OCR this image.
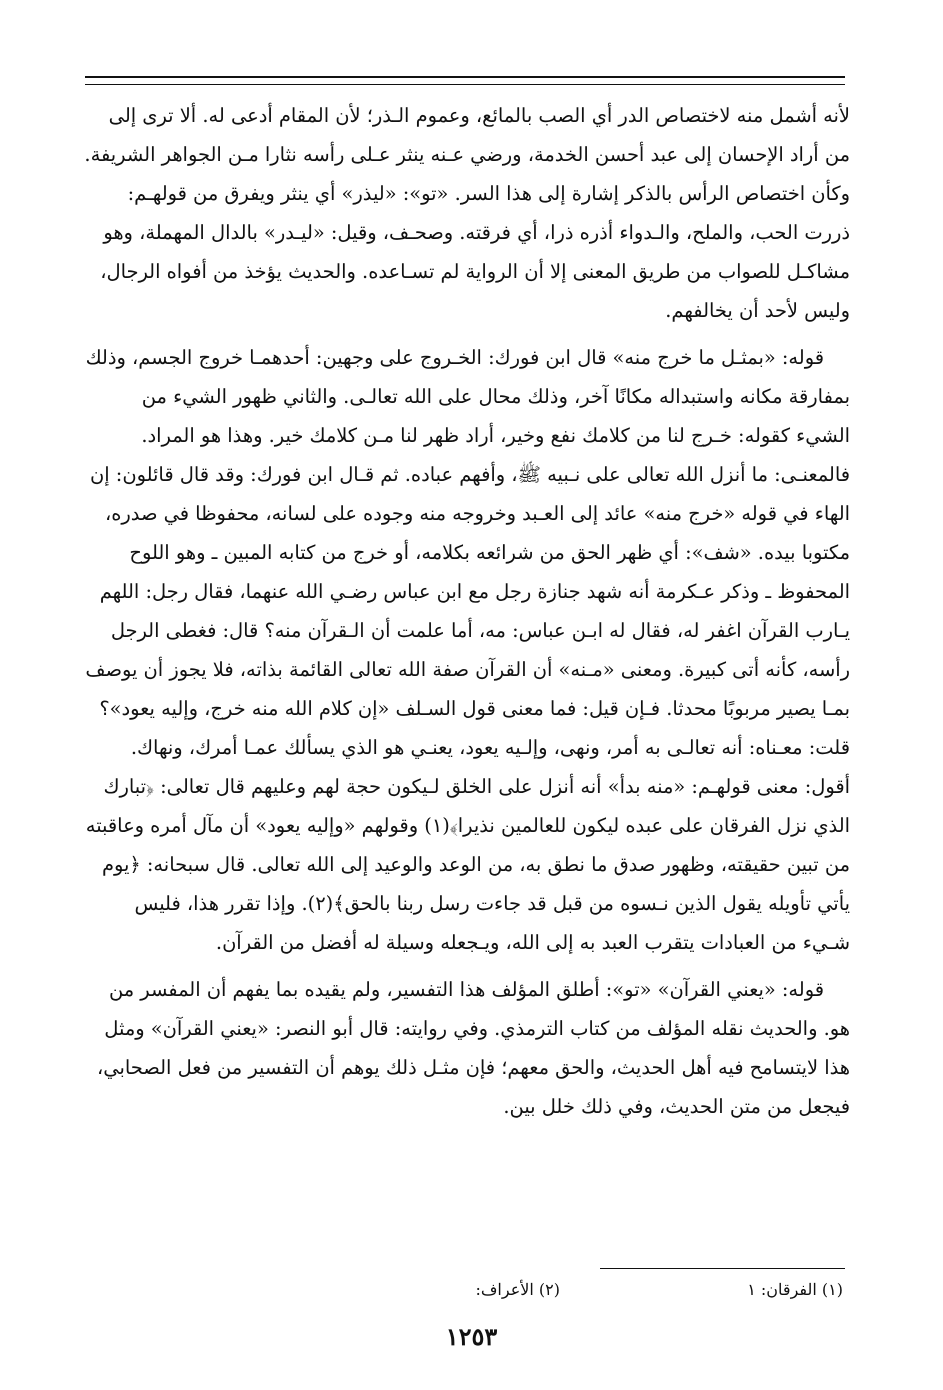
لأنه أشمل منه لاختصاص الدر أي الصب بالمائع، وعموم الـذر؛ لأن المقام أدعى له. ألا ترى إلى من أراد الإحسان إلى عبد أحسن الخدمة، ورضي عـنه ينثر عـلى رأسه نثارا مـن الجواهر الشريفة. وكأن اختصاص الرأس بالذكر إشارة إلى هذا السر. «تو»: «ليذر» أي ينثر ويفرق من قولهـم: ذررت الحب، والملح، والـدواء أذره ذرا، أي فرقته. وصحـف، وقيل: «ليـدر» بالدال المهملة، وهو مشاكـل للصواب من طريق المعنى إلا أن الرواية لم تسـاعده. والحديث يؤخذ من أفواه الرجال، وليس لأحد أن يخالفهم.

قوله: «بمثـل ما خرج منه» قال ابن فورك: الخـروج على وجهين: أحدهمـا خروج الجسم، وذلك بمفارقة مكانه واستبداله مكانًا آخر، وذلك محال على الله تعالـى. والثاني ظهور الشيء من الشيء كقوله: خـرج لنا من كلامك نفع وخير، أراد ظهر لنا مـن كلامك خير. وهذا هو المراد. فالمعنـى: ما أنزل الله تعالى على نـبيه ﷺ، وأفهم عباده. ثم قـال ابن فورك: وقد قال قائلون: إن الهاء في قوله «خرج منه» عائد إلى العـبد وخروجه منه وجوده على لسانه، محفوظا في صدره، مكتوبا بيده. «شف»: أي ظهر الحق من شرائعه بكلامه، أو خرج من كتابه المبين ـ وهو اللوح المحفوظ ـ وذكر عـكرمة أنه شهد جنازة رجل مع ابن عباس رضـي الله عنهما، فقال رجل: اللهم يـارب القرآن اغفر له، فقال له ابـن عباس: مه، أما علمت أن الـقرآن منه؟ قال: فغطى الرجل رأسه، كأنه أتى كبيرة. ومعنى «مـنه» أن القرآن صفة الله تعالى القائمة بذاته، فلا يجوز أن يوصف بمـا يصير مربوبًا محدثا. فـإن قيل: فما معنى قول السـلف «إن كلام الله منه خرج، وإليه يعود»؟ قلت: معـناه: أنه تعالـى به أمر، ونهى، وإلـيه يعود، يعنـي هو الذي يسألك عمـا أمرك، ونهاك. أقول: معنى قولهـم: «منه بدأ» أنه أنزل على الخلق لـيكون حجة لهم وعليهم قال تعالى: ﴿تبارك الذي نزل الفرقان على عبده ليكون للعالمين نذيرا﴾(١) وقولهم «وإليه يعود» أن مآل أمره وعاقبته من تبين حقيقته، وظهور صدق ما نطق به، من الوعد والوعيد إلى الله تعالى. قال سبحانه: ﴿يوم يأتي تأويله يقول الذين نـسوه من قبل قد جاءت رسل ربنا بالحق﴾(٢). وإذا تقرر هذا، فليس شـيء من العبادات يتقرب العبد به إلى الله، ويـجعله وسيلة له أفضل من القرآن.

قوله: «يعني القرآن» «تو»: أطلق المؤلف هذا التفسير، ولم يقيده بما يفهم أن المفسر من هو. والحديث نقله المؤلف من كتاب الترمذي. وفي روايته: قال أبو النصر: «يعني القرآن» ومثل هذا لايتسامح فيه أهل الحديث، والحق معهم؛ فإن مثـل ذلك يوهم أن التفسير من فعل الصحابي، فيجعل من متن الحديث، وفي ذلك خلل بين.

(١) الفرقان: ١
(٢) الأعراف:
١٢٥٣
